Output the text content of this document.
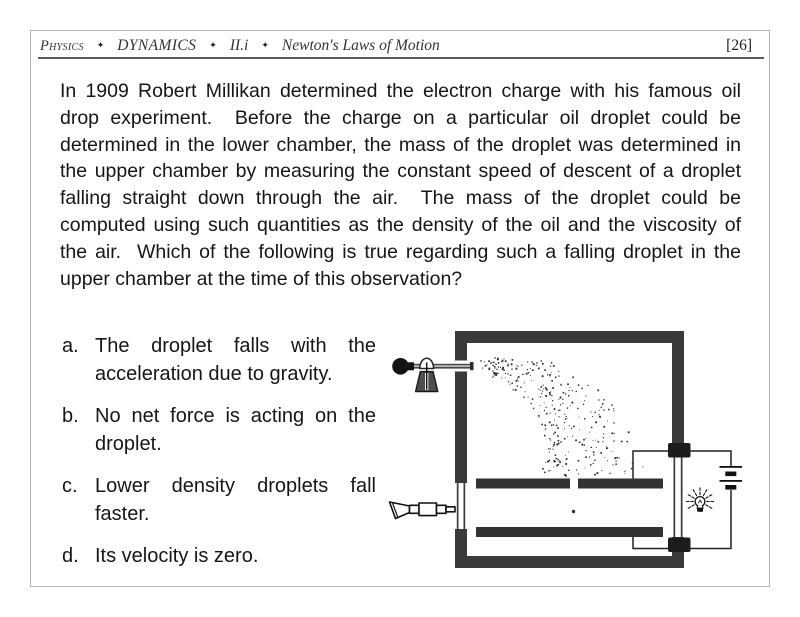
Physics ✦ DYNAMICS ✦ II.i ✦ Newton's Laws of Motion	[26]

In 1909 Robert Millikan determined the electron charge with his famous oil drop experiment.  Before the charge on a particular oil droplet could be determined in the lower chamber, the mass of the droplet was determined in the upper chamber by measuring the constant speed of descent of a droplet falling straight down through the air.  The mass of the droplet could be computed using such quantities as the density of the oil and the viscosity of the air.  Which of the following is true regarding such a falling droplet in the upper chamber at the time of this observation?

a. The droplet falls with the acceleration due to gravity.
b. No net force is acting on the droplet.
c. Lower density droplets fall faster.
d. Its velocity is zero.
